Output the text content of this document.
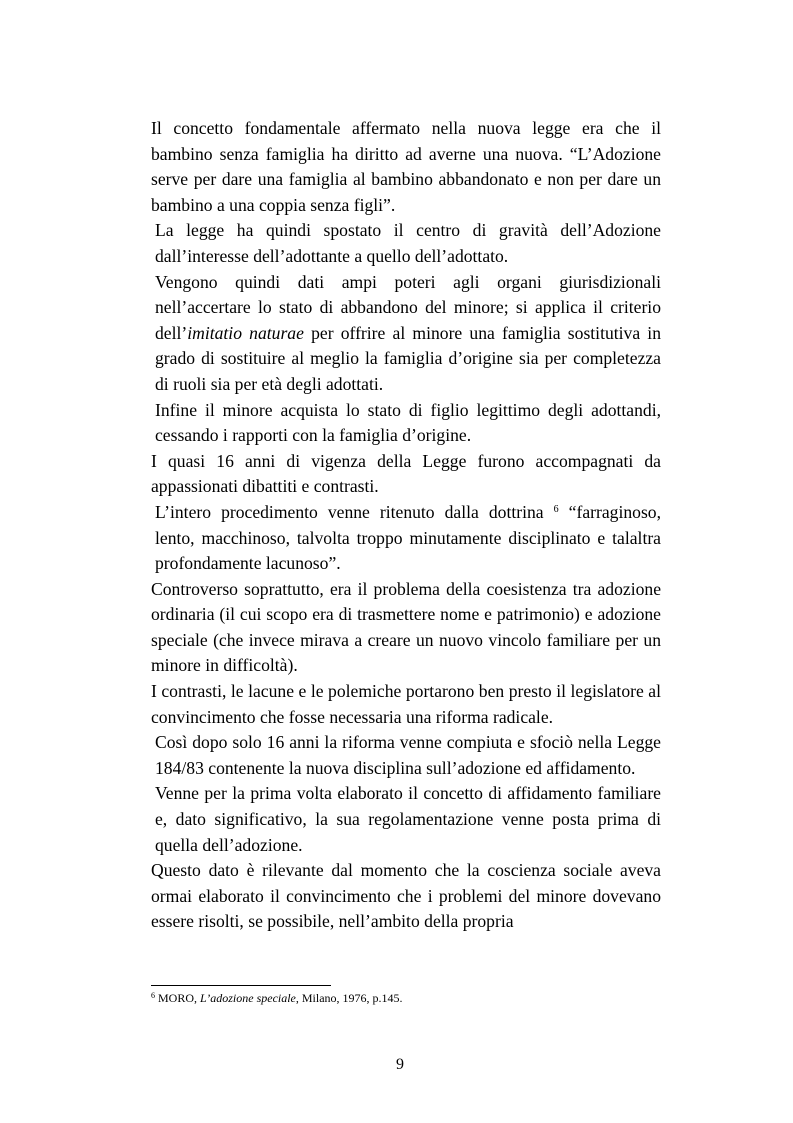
Il concetto fondamentale affermato nella nuova legge era che il bambino senza famiglia ha diritto ad averne una nuova. “L’Adozione serve per dare una famiglia al bambino abbandonato e non per dare un bambino a una coppia senza figli”.

La legge ha quindi spostato il centro di gravità dell’Adozione dall’interesse dell’adottante a quello dell’adottato.

Vengono quindi dati ampi poteri agli organi giurisdizionali nell’accertare lo stato di abbandono del minore; si applica il criterio dell’imitatio naturae per offrire al minore una famiglia sostitutiva in grado di sostituire al meglio la famiglia d’origine sia per completezza di ruoli sia per età degli adottati.

Infine il minore acquista lo stato di figlio legittimo degli adottandi, cessando i rapporti con la famiglia d’origine.

I quasi 16 anni di vigenza della Legge furono accompagnati da appassionati dibattiti e contrasti.

L’intero procedimento venne ritenuto dalla dottrina $^6$ “farraginoso, lento, macchinoso, talvolta troppo minutamente disciplinato e talaltra profondamente lacunoso”.

Controverso soprattutto, era il problema della coesistenza tra adozione ordinaria (il cui scopo era di trasmettere nome e patrimonio) e adozione speciale (che invece mirava a creare un nuovo vincolo familiare per un minore in difficoltà).

I contrasti, le lacune e le polemiche portarono ben presto il legislatore al convincimento che fosse necessaria una riforma radicale.

Così dopo solo 16 anni la riforma venne compiuta e sfociò nella Legge 184/83 contenente la nuova disciplina sull’adozione ed affidamento.

Venne per la prima volta elaborato il concetto di affidamento familiare e, dato significativo, la sua regolamentazione venne posta prima di quella dell’adozione.

Questo dato è rilevante dal momento che la coscienza sociale aveva ormai elaborato il convincimento che i problemi del minore dovevano essere risolti, se possibile, nell’ambito della propria

$^6$ MORO, L’adozione speciale, Milano, 1976, p.145.
9
